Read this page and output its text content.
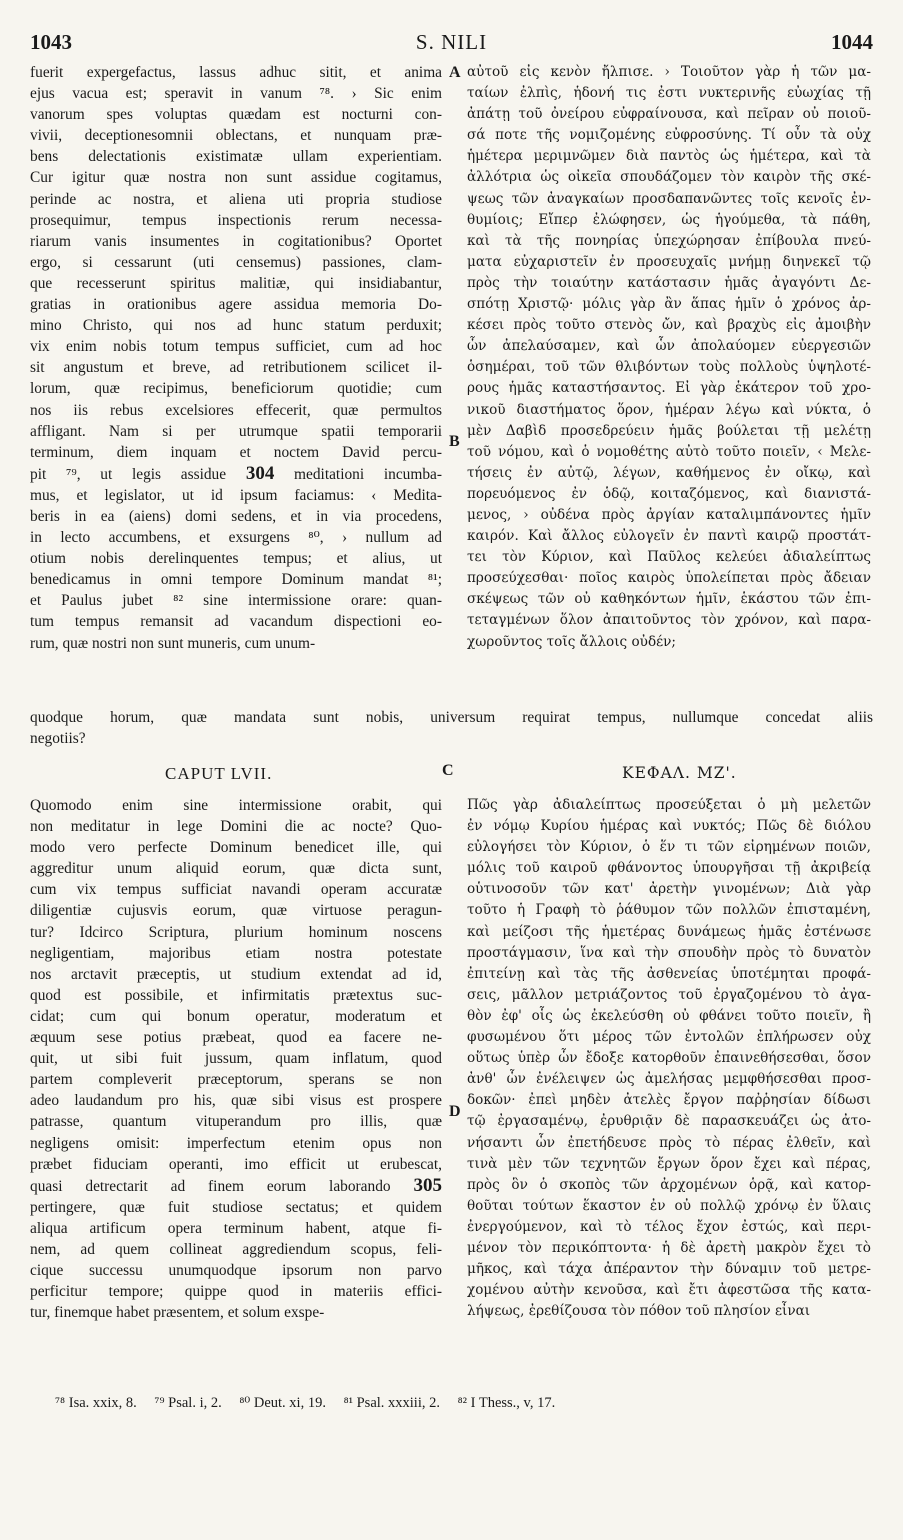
1043	S. NILI	1044
fuerit expergefactus, lassus adhuc sitit, et anima
ejus vacua est; speravit in vanum ⁷⁸. › Sic enim
vanorum spes voluptas quædam est nocturni con-
vivii, deceptionesomnii oblectans, et nunquam præ-
bens delectationis existimatæ ullam experientiam.
Cur igitur quæ nostra non sunt assidue cogitamus,
perinde ac nostra, et aliena uti propria studiose
prosequimur, tempus inspectionis rerum necessa-
riarum vanis insumentes in cogitationibus? Oportet
ergo, si cessarunt (uti censemus) passiones, clam-
que recesserunt spiritus malitiæ, qui insidiabantur,
gratias in orationibus agere assidua memoria Do-
mino Christo, qui nos ad hunc statum perduxit;
vix enim nobis totum tempus sufficiet, cum ad hoc
sit angustum et breve, ad retributionem scilicet il-
lorum, quæ recipimus, beneficiorum quotidie; cum
nos iis rebus excelsiores effecerit, quæ permultos
affligant. Nam si per utrumque spatii temporarii
terminum, diem inquam et noctem David percu-
pit ⁷⁹, ut legis assidue 304 meditationi incumba-
mus, et legislator, ut id ipsum faciamus: ‹ Medita-
beris in ea (aiens) domi sedens, et in via procedens,
in lecto accumbens, et exsurgens ⁸⁰, › nullum ad
otium nobis derelinquentes tempus; et alius, ut
benedicamus in omni tempore Dominum mandat ⁸¹;
et Paulus jubet ⁸² sine intermissione orare: quan-
tum tempus remansit ad vacandum dispectioni eo-
rum, quæ nostri non sunt muneris, cum unum-
αὐτοῦ εἰς κενὸν ἤλπισε. › Τοιοῦτον γὰρ ἡ τῶν μα-
ταίων ἐλπὶς, ἡδονή τις ἐστι νυκτερινῆς εὐωχίας τῇ
ἀπάτῃ τοῦ ὀνείρου εὐφραίνουσα, καὶ πεῖραν οὐ ποιοῦ-
σά ποτε τῆς νομιζομένης εὐφροσύνης. Τί οὖν τὰ οὐχ
ἡμέτερα μεριμνῶμεν διὰ παντὸς ὡς ἡμέτερα, καὶ τὰ
ἀλλότρια ὡς οἰκεῖα σπουδάζομεν τὸν καιρὸν τῆς σκέ-
ψεως τῶν ἀναγκαίων προσδαπανῶντες τοῖς κενοῖς ἐν-
θυμίοις; Εἴπερ ἐλώφησεν, ὡς ἡγούμεθα, τὰ πάθη,
καὶ τὰ τῆς πονηρίας ὑπεχώρησαν ἐπίβουλα πνεύ-
ματα εὐχαριστεῖν ἐν προσευχαῖς μνήμῃ διηνεκεῖ τῷ
πρὸς τὴν τοιαύτην κατάστασιν ἡμᾶς ἀγαγόντι Δε-
σπότῃ Χριστῷ· μόλις γὰρ ἂν ἅπας ἡμῖν ὁ χρόνος ἀρ-
κέσει πρὸς τοῦτο στενὸς ὤν, καὶ βραχὺς εἰς ἀμοιβὴν
ὧν ἀπελαύσαμεν, καὶ ὧν ἀπολαύομεν εὐεργεσιῶν
ὁσημέραι, τοῦ τῶν θλιβόντων τοὺς πολλοὺς ὑψηλοτέ-
ρους ἡμᾶς καταστήσαντος. Εἰ γὰρ ἑκάτερον τοῦ χρο-
νικοῦ διαστήματος ὅρον, ἡμέραν λέγω καὶ νύκτα, ὁ
μὲν Δαβὶδ προσεδρεύειν ἡμᾶς βούλεται τῇ μελέτῃ
τοῦ νόμου, καὶ ὁ νομοθέτης αὐτὸ τοῦτο ποιεῖν, ‹ Μελε-
τήσεις ἐν αὐτῷ, λέγων, καθήμενος ἐν οἴκῳ, καὶ
πορευόμενος ἐν ὁδῷ, κοιταζόμενος, καὶ διανιστά-
μενος, › οὐδένα πρὸς ἀργίαν καταλιμπάνοντες ἡμῖν
καιρόν. Καὶ ἄλλος εὐλογεῖν ἐν παντὶ καιρῷ προστάτ-
τει τὸν Κύριον, καὶ Παῦλος κελεύει ἀδιαλείπτως
προσεύχεσθαι· ποῖος καιρὸς ὑπολείπεται πρὸς ἄδειαν
σκέψεως τῶν οὐ καθηκόντων ἡμῖν, ἑκάστου τῶν ἐπι-
τεταγμένων ὅλον ἀπαιτοῦντος τὸν χρόνον, καὶ παρα-
χωροῦντος τοῖς ἄλλοις οὐδέν;
A
B
quodque horum, quæ mandata sunt nobis, universum requirat tempus, nullumque concedat aliis
negotiis?
CAPUT LVII.	C	ΚΕΦΑΛ. ΜΖ'.
Quomodo enim sine intermissione orabit, qui
non meditatur in lege Domini die ac nocte? Quo-
modo vero perfecte Dominum benedicet ille, qui
aggreditur unum aliquid eorum, quæ dicta sunt,
cum vix tempus sufficiat navandi operam accuratæ
diligentiæ cujusvis eorum, quæ virtuose peragun-
tur? Idcirco Scriptura, plurium hominum noscens
negligentiam, majoribus etiam nostra potestate
nos arctavit præceptis, ut studium extendat ad id,
quod est possibile, et infirmitatis prætextus suc-
cidat; cum qui bonum operatur, moderatum et
æquum sese potius præbeat, quod ea facere ne-
quit, ut sibi fuit jussum, quam inflatum, quod
partem compleverit præceptorum, sperans se non
adeo laudandum pro his, quæ sibi visus est prospere
patrasse, quantum vituperandum pro illis, quæ
negligens omisit: imperfectum etenim opus non
præbet fiduciam operanti, imo efficit ut erubescat,
quasi detrectarit ad finem eorum laborando 305
pertingere, quæ fuit studiose sectatus; et quidem
aliqua artificum opera terminum habent, atque fi-
nem, ad quem collineat aggrediendum scopus, feli-
cique successu unumquodque ipsorum non parvo
perficitur tempore; quippe quod in materiis effici-
tur, finemque habet præsentem, et solum exspe-
Πῶς γὰρ ἀδιαλείπτως προσεύξεται ὁ μὴ μελετῶν
ἐν νόμῳ Κυρίου ἡμέρας καὶ νυκτός; Πῶς δὲ διόλου
εὐλογήσει τὸν Κύριον, ὁ ἕν τι τῶν εἰρημένων ποιῶν,
μόλις τοῦ καιροῦ φθάνοντος ὑπουργῆσαι τῇ ἀκριβείᾳ
οὑτινοσοῦν τῶν κατ' ἀρετὴν γινομένων; Διὰ γὰρ
τοῦτο ἡ Γραφὴ τὸ ῥάθυμον τῶν πολλῶν ἐπισταμένη,
καὶ μείζοσι τῆς ἡμετέρας δυνάμεως ἡμᾶς ἐστένωσε
προστάγμασιν, ἵνα καὶ τὴν σπουδὴν πρὸς τὸ δυνατὸν
ἐπιτείνῃ καὶ τὰς τῆς ἀσθενείας ὑποτέμηται προφά-
σεις, μᾶλλον μετριάζοντος τοῦ ἐργαζομένου τὸ ἀγα-
θὸν ἐφ' οἷς ὡς ἐκελεύσθη οὐ φθάνει τοῦτο ποιεῖν, ἢ
φυσωμένου ὅτι μέρος τῶν ἐντολῶν ἐπλήρωσεν οὐχ
οὕτως ὑπὲρ ὧν ἔδοξε κατορθοῦν ἐπαινεθήσεσθαι, ὅσον
ἀνθ' ὧν ἐνέλειψεν ὡς ἀμελήσας μεμφθήσεσθαι προσ-
δοκῶν· ἐπεὶ μηδὲν ἀτελὲς ἔργον παῤῥησίαν δίδωσι
τῷ ἐργασαμένῳ, ἐρυθριᾷν δὲ παρασκευάζει ὡς ἀτο-
νήσαντι ὧν ἐπετήδευσε πρὸς τὸ πέρας ἐλθεῖν, καὶ
τινὰ μὲν τῶν τεχνητῶν ἔργων ὅρον ἔχει καὶ πέρας,
πρὸς ὃν ὁ σκοπὸς τῶν ἀρχομένων ὁρᾷ, καὶ κατορ-
θοῦται τούτων ἕκαστον ἐν οὐ πολλῷ χρόνῳ ἐν ὕλαις
ἐνεργούμενον, καὶ τὸ τέλος ἔχον ἐστώς, καὶ περι-
μένον τὸν περικόπτοντα· ἡ δὲ ἀρετὴ μακρὸν ἔχει τὸ
μῆκος, καὶ τάχα ἀπέραντον τὴν δύναμιν τοῦ μετρε-
χομένου αὐτὴν κενοῦσα, καὶ ἔτι ἀφεστῶσα τῆς κατα-
λήψεως, ἐρεθίζουσα τὸν πόθον τοῦ πλησίον εἶναι
D
⁷⁸ Isa. xxix, 8. ⁷⁹ Psal. i, 2. ⁸⁰ Deut. xi, 19. ⁸¹ Psal. xxxiii, 2. ⁸² I Thess., v, 17.
